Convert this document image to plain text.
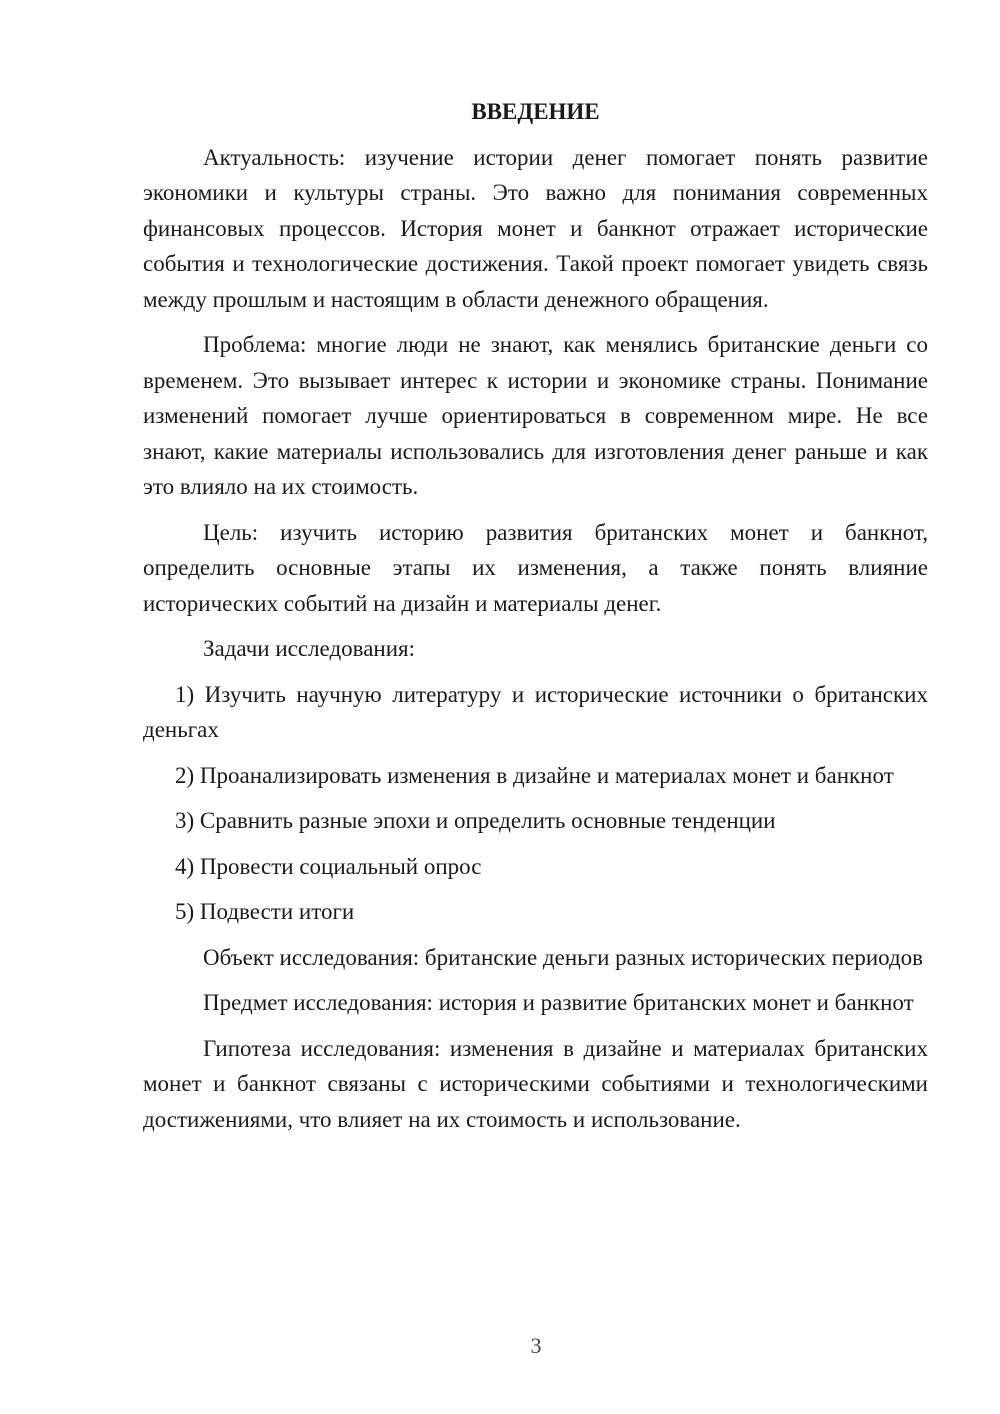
ВВЕДЕНИЕ

Актуальность: изучение истории денег помогает понять развитие экономики и культуры страны. Это важно для понимания современных финансовых процессов. История монет и банкнот отражает исторические события и технологические достижения. Такой проект помогает увидеть связь между прошлым и настоящим в области денежного обращения.

Проблема: многие люди не знают, как менялись британские деньги со временем. Это вызывает интерес к истории и экономике страны. Понимание изменений помогает лучше ориентироваться в современном мире. Не все знают, какие материалы использовались для изготовления денег раньше и как это влияло на их стоимость.

Цель: изучить историю развития британских монет и банкнот, определить основные этапы их изменения, а также понять влияние исторических событий на дизайн и материалы денег.

Задачи исследования:

1) Изучить научную литературу и исторические источники о британских деньгах

2) Проанализировать изменения в дизайне и материалах монет и банкнот

3) Сравнить разные эпохи и определить основные тенденции

4) Провести социальный опрос

5) Подвести итоги

Объект исследования: британские деньги разных исторических периодов

Предмет исследования: история и развитие британских монет и банкнот

Гипотеза исследования: изменения в дизайне и материалах британских монет и банкнот связаны с историческими событиями и технологическими достижениями, что влияет на их стоимость и использование.

3
